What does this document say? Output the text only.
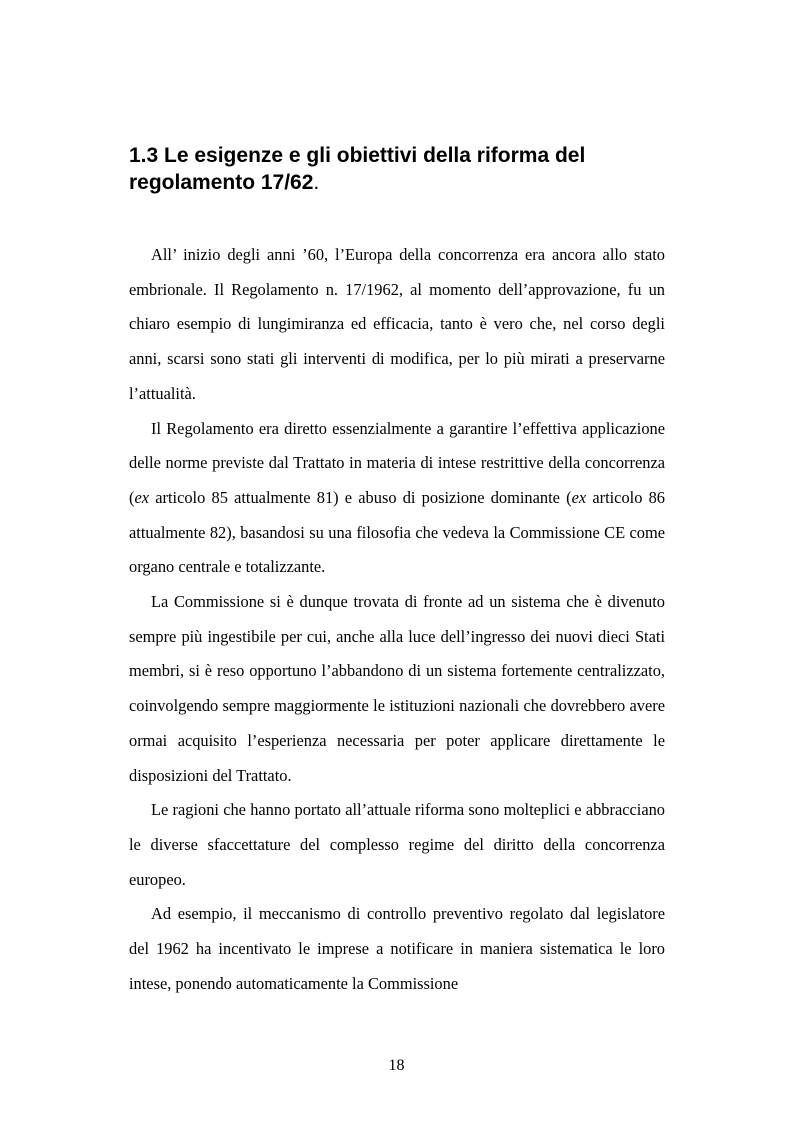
1.3 Le esigenze e gli obiettivi della riforma del regolamento 17/62.

All’ inizio degli anni ’60, l’Europa della concorrenza era ancora allo stato embrionale. Il Regolamento n. 17/1962, al momento dell’approvazione, fu un chiaro esempio di lungimiranza ed efficacia, tanto è vero che, nel corso degli anni, scarsi sono stati gli interventi di modifica, per lo più mirati a preservarne l’attualità.

Il Regolamento era diretto essenzialmente a garantire l’effettiva applicazione delle norme previste dal Trattato in materia di intese restrittive della concorrenza (ex articolo 85 attualmente 81) e abuso di posizione dominante (ex articolo 86 attualmente 82), basandosi su una filosofia che vedeva la Commissione CE come organo centrale e totalizzante.

La Commissione si è dunque trovata di fronte ad un sistema che è divenuto sempre più ingestibile per cui, anche alla luce dell’ingresso dei nuovi dieci Stati membri, si è reso opportuno l’abbandono di un sistema fortemente centralizzato, coinvolgendo sempre maggiormente le istituzioni nazionali che dovrebbero avere ormai acquisito l’esperienza necessaria per poter applicare direttamente le disposizioni del Trattato.

Le ragioni che hanno portato all’attuale riforma sono molteplici e abbracciano le diverse sfaccettature del complesso regime del diritto della concorrenza europeo.

Ad esempio, il meccanismo di controllo preventivo regolato dal legislatore del 1962 ha incentivato le imprese a notificare in maniera sistematica le loro intese, ponendo automaticamente la Commissione

18
